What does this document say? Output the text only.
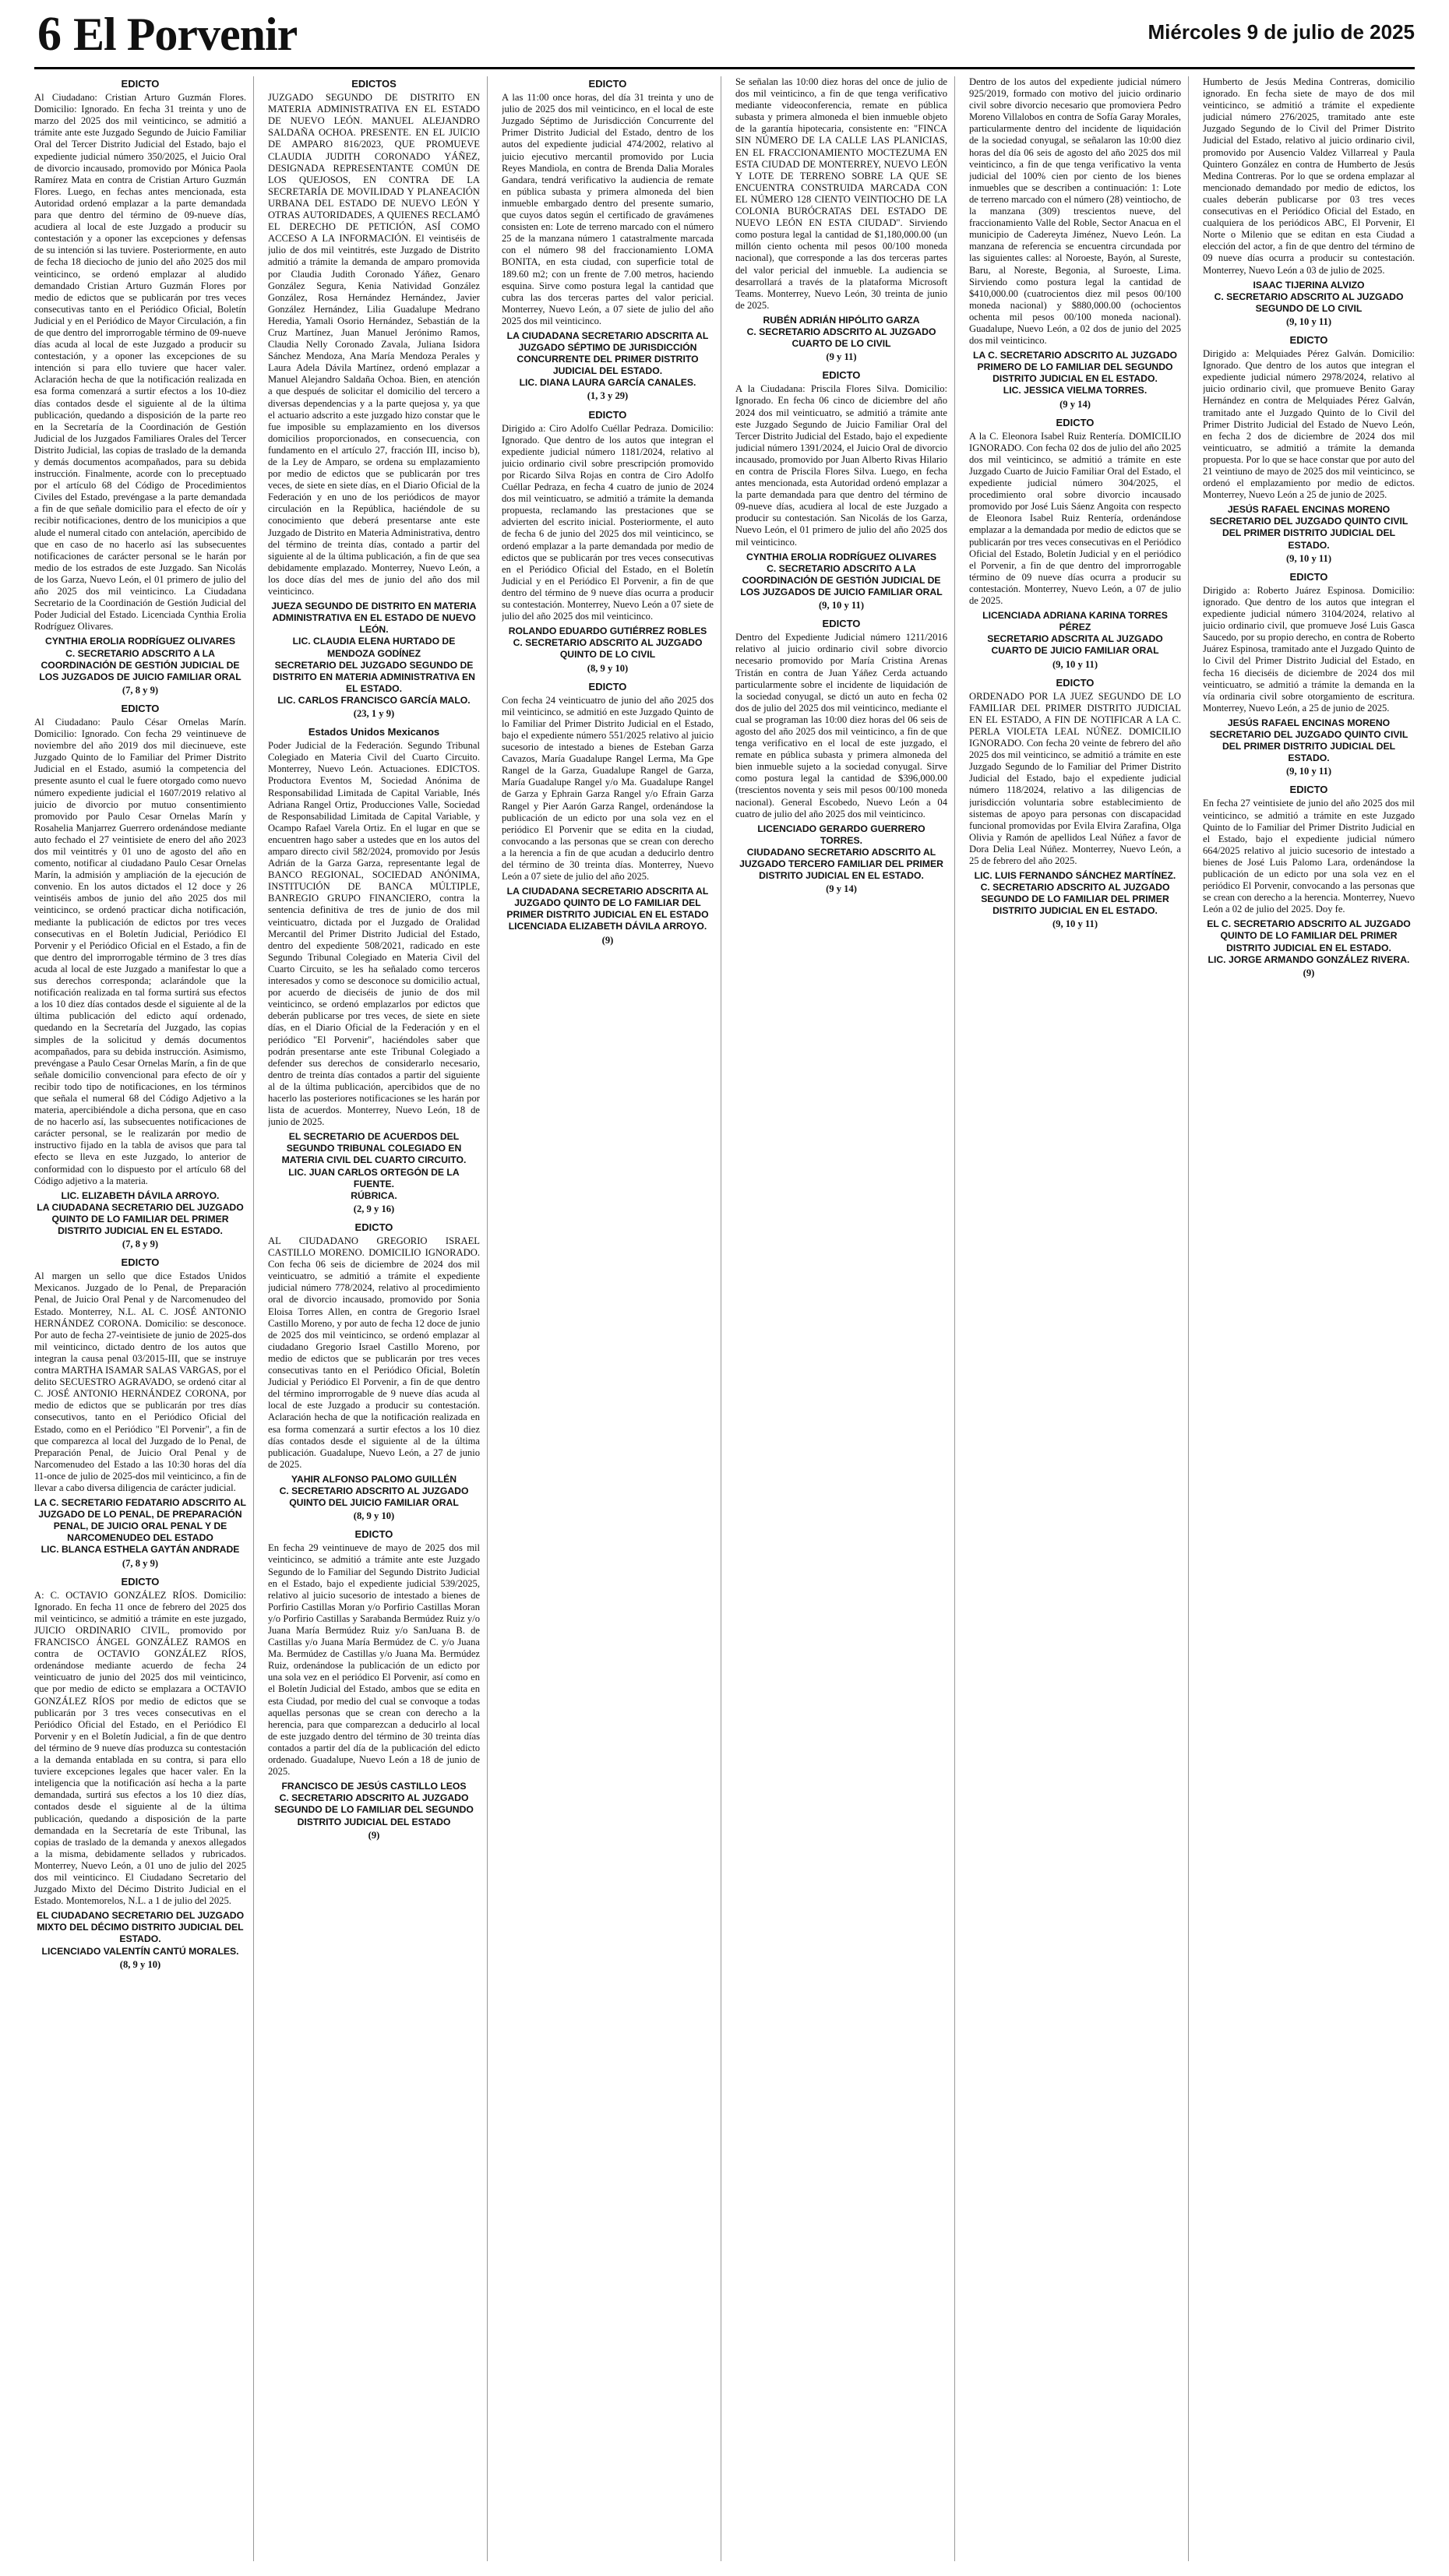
6 El Porvenir	Miércoles 9 de julio de 2025
EDICTO

Al Ciudadano: Cristian Arturo Guzmán Flores. Domicilio: Ignorado. En fecha 31 treinta y uno de marzo del 2025 dos mil veinticinco, se admitió a trámite ante este Juzgado Segundo de Juicio Familiar Oral del Tercer Distrito Judicial del Estado, bajo el expediente judicial número 350/2025, el Juicio Oral de divorcio incausado, promovido por Mónica Paola Ramírez Mata en contra de Cristian Arturo Guzmán Flores. Luego, en fechas antes mencionada, esta Autoridad ordenó emplazar a la parte demandada para que dentro del término de 09-nueve días, acudiera al local de este Juzgado a producir su contestación y a oponer las excepciones y defensas de su intención si las tuviere. Posteriormente, en auto de fecha 18 dieciocho de junio del año 2025 dos mil veinticinco, se ordenó emplazar al aludido demandado Cristian Arturo Guzmán Flores por medio de edictos que se publicarán por tres veces consecutivas tanto en el Periódico Oficial, Boletín Judicial y en el Periódico de Mayor Circulación, a fin de que dentro del improrrogable término de 09-nueve días acuda al local de este Juzgado a producir su contestación, y a oponer las excepciones de su intención si para ello tuviere que hacer valer. Aclaración hecha de que la notificación realizada en esa forma comenzará a surtir efectos a los 10-diez días contados desde el siguiente al de la última publicación, quedando a disposición de la parte reo en la Secretaría de la Coordinación de Gestión Judicial de los Juzgados Familiares Orales del Tercer Distrito Judicial, las copias de traslado de la demanda y demás documentos acompañados, para su debida instrucción. Finalmente, acorde con lo preceptuado por el artículo 68 del Código de Procedimientos Civiles del Estado, prevéngase a la parte demandada a fin de que señale domicilio para el efecto de oír y recibir notificaciones, dentro de los municipios a que alude el numeral citado con antelación, apercibido de que en caso de no hacerlo así las subsecuentes notificaciones de carácter personal se le harán por medio de los estrados de este Juzgado. San Nicolás de los Garza, Nuevo León, el 01 primero de julio del año 2025 dos mil veinticinco. La Ciudadana Secretario de la Coordinación de Gestión Judicial del Poder Judicial del Estado. Licenciada Cynthia Erolia Rodríguez Olivares.

CYNTHIA EROLIA RODRÍGUEZ OLIVARES
C. SECRETARIO ADSCRITO A LA COORDINACIÓN DE GESTIÓN JUDICIAL DE LOS JUZGADOS DE JUICIO FAMILIAR ORAL
(7, 8 y 9)
EDICTO

Al Ciudadano: Paulo César Ornelas Marín. Domicilio: Ignorado. Con fecha 29 veintinueve de noviembre del año 2019 dos mil diecinueve, este Juzgado Quinto de lo Familiar del Primer Distrito Judicial en el Estado, asumió la competencia del presente asunto el cual le fuere otorgado como nuevo número expediente judicial el 1607/2019 relativo al juicio de divorcio por mutuo consentimiento promovido por Paulo Cesar Ornelas Marín y Rosahelia Manjarrez Guerrero ordenándose mediante auto fechado el 27 veintisiete de enero del año 2023 dos mil veintitrés y 01 uno de agosto del año en comento, notificar al ciudadano Paulo Cesar Ornelas Marín, la admisión y ampliación de la ejecución de convenio. En los autos dictados el 12 doce y 26 veintiséis ambos de junio del año 2025 dos mil veinticinco, se ordenó practicar dicha notificación, mediante la publicación de edictos por tres veces consecutivas en el Boletín Judicial, Periódico El Porvenir y el Periódico Oficial en el Estado, a fin de que dentro del improrrogable término de 3 tres días acuda al local de este Juzgado a manifestar lo que a sus derechos corresponda; aclarándole que la notificación realizada en tal forma surtirá sus efectos a los 10 diez días contados desde el siguiente al de la última publicación del edicto aquí ordenado, quedando en la Secretaría del Juzgado, las copias simples de la solicitud y demás documentos acompañados, para su debida instrucción. Asimismo, prevéngase a Paulo Cesar Ornelas Marín, a fin de que señale domicilio convencional para efecto de oír y recibir todo tipo de notificaciones, en los términos que señala el numeral 68 del Código Adjetivo a la materia, apercibiéndole a dicha persona, que en caso de no hacerlo así, las subsecuentes notificaciones de carácter personal, se le realizarán por medio de instructivo fijado en la tabla de avisos que para tal efecto se lleva en este Juzgado, lo anterior de conformidad con lo dispuesto por el artículo 68 del Código adjetivo a la materia.

LIC. ELIZABETH DÁVILA ARROYO.
LA CIUDADANA SECRETARIO DEL JUZGADO QUINTO DE LO FAMILIAR DEL PRIMER DISTRITO JUDICIAL EN EL ESTADO.
(7, 8 y 9)
EDICTO

Al margen un sello que dice Estados Unidos Mexicanos. Juzgado de lo Penal, de Preparación Penal, de Juicio Oral Penal y de Narcomenudeo del Estado. Monterrey, N.L. AL C. JOSÉ ANTONIO HERNÁNDEZ CORONA. Domicilio: se desconoce. Por auto de fecha 27-veintisiete de junio de 2025-dos mil veinticinco, dictado dentro de los autos que integran la causa penal 03/2015-III, que se instruye contra MARTHA ISAMAR SALAS VARGAS, por el delito SECUESTRO AGRAVADO, se ordenó citar al C. JOSÉ ANTONIO HERNÁNDEZ CORONA, por medio de edictos que se publicarán por tres días consecutivos, tanto en el Periódico Oficial del Estado, como en el Periódico "El Porvenir", a fin de que comparezca al local del Juzgado de lo Penal, de Preparación Penal, de Juicio Oral Penal y de Narcomenudeo del Estado a las 10:30 horas del día 11-once de julio de 2025-dos mil veinticinco, a fin de llevar a cabo diversa diligencia de carácter judicial.

LA C. SECRETARIO FEDATARIO ADSCRITO AL JUZGADO DE LO PENAL, DE PREPARACIÓN PENAL, DE JUICIO ORAL PENAL Y DE NARCOMENUDEO DEL ESTADO
LIC. BLANCA ESTHELA GAYTÁN ANDRADE
(7, 8 y 9)
EDICTO

A: C. OCTAVIO GONZÁLEZ RÍOS. Domicilio: Ignorado. En fecha 11 once de febrero del 2025 dos mil veinticinco, se admitió a trámite en este juzgado, JUICIO ORDINARIO CIVIL, promovido por FRANCISCO ÁNGEL GONZÁLEZ RAMOS en contra de OCTAVIO GONZÁLEZ RÍOS, ordenándose mediante acuerdo de fecha 24 veinticuatro de junio del 2025 dos mil veinticinco, que por medio de edicto se emplazara a OCTAVIO GONZÁLEZ RÍOS por medio de edictos que se publicarán por 3 tres veces consecutivas en el Periódico Oficial del Estado, en el Periódico El Porvenir y en el Boletín Judicial, a fin de que dentro del término de 9 nueve días produzca su contestación a la demanda entablada en su contra, si para ello tuviere excepciones legales que hacer valer. En la inteligencia que la notificación así hecha a la parte demandada, surtirá sus efectos a los 10 diez días, contados desde el siguiente al de la última publicación, quedando a disposición de la parte demandada en la Secretaría de este Tribunal, las copias de traslado de la demanda y anexos allegados a la misma, debidamente sellados y rubricados. Monterrey, Nuevo León, a 01 uno de julio del 2025 dos mil veinticinco. El Ciudadano Secretario del Juzgado Mixto del Décimo Distrito Judicial en el Estado. Montemorelos, N.L. a 1 de julio del 2025.

EL CIUDADANO SECRETARIO DEL JUZGADO MIXTO DEL DÉCIMO DISTRITO JUDICIAL DEL ESTADO.
LICENCIADO VALENTÍN CANTÚ MORALES.
(8, 9 y 10)
EDICTOS

JUZGADO SEGUNDO DE DISTRITO EN MATERIA ADMINISTRATIVA EN EL ESTADO DE NUEVO LEÓN. MANUEL ALEJANDRO SALDAÑA OCHOA. PRESENTE. EN EL JUICIO DE AMPARO 816/2023, QUE PROMUEVE CLAUDIA JUDITH CORONADO YÁÑEZ, DESIGNADA REPRESENTANTE COMÚN DE LOS QUEJOSOS, EN CONTRA DE LA SECRETARÍA DE MOVILIDAD Y PLANEACIÓN URBANA DEL ESTADO DE NUEVO LEÓN Y OTRAS AUTORIDADES, A QUIENES RECLAMÓ EL DERECHO DE PETICIÓN, ASÍ COMO ACCESO A LA INFORMACIÓN. El veintiséis de julio de dos mil veintitrés, este Juzgado de Distrito admitió a trámite la demanda de amparo promovida por Claudia Judith Coronado Yáñez, Genaro González Segura, Kenia Natividad González González, Rosa Hernández Hernández, Javier González Hernández, Lilia Guadalupe Medrano Heredia, Yamali Osorio Hernández, Sebastián de la Cruz Martínez, Juan Manuel Jerónimo Ramos, Claudia Nelly Coronado Zavala, Juliana Isidora Sánchez Mendoza, Ana María Mendoza Perales y Laura Adela Dávila Martínez, ordenó emplazar a Manuel Alejandro Saldaña Ochoa. Bien, en atención a que después de solicitar el domicilio del tercero a diversas dependencias y a la parte quejosa y, ya que el actuario adscrito a este juzgado hizo constar que le fue imposible su emplazamiento en los diversos domicilios proporcionados, en consecuencia, con fundamento en el artículo 27, fracción III, inciso b), de la Ley de Amparo, se ordena su emplazamiento por medio de edictos que se publicarán por tres veces, de siete en siete días, en el Diario Oficial de la Federación y en uno de los periódicos de mayor circulación en la República, haciéndole de su conocimiento que deberá presentarse ante este Juzgado de Distrito en Materia Administrativa, dentro del término de treinta días, contado a partir del siguiente al de la última publicación, a fin de que sea debidamente emplazado. Monterrey, Nuevo León, a los doce días del mes de junio del año dos mil veinticinco.

JUEZA SEGUNDO DE DISTRITO EN MATERIA ADMINISTRATIVA EN EL ESTADO DE NUEVO LEÓN.
LIC. CLAUDIA ELENA HURTADO DE MENDOZA GODÍNEZ
SECRETARIO DEL JUZGADO SEGUNDO DE DISTRITO EN MATERIA ADMINISTRATIVA EN EL ESTADO.
LIC. CARLOS FRANCISCO GARCÍA MALO.
(23, 1 y 9)
Estados Unidos Mexicanos

Poder Judicial de la Federación. Segundo Tribunal Colegiado en Materia Civil del Cuarto Circuito. Monterrey, Nuevo León. Actuaciones. EDICTOS. Productora Eventos M, Sociedad Anónima de Responsabilidad Limitada de Capital Variable, Inés Adriana Rangel Ortiz, Producciones Valle, Sociedad de Responsabilidad Limitada de Capital Variable, y Ocampo Rafael Varela Ortiz. En el lugar en que se encuentren hago saber a ustedes que en los autos del amparo directo civil 582/2024, promovido por Jesús Adrián de la Garza Garza, representante legal de BANCO REGIONAL, SOCIEDAD ANÓNIMA, INSTITUCIÓN DE BANCA MÚLTIPLE, BANREGIO GRUPO FINANCIERO, contra la sentencia definitiva de tres de junio de dos mil veinticuatro, dictada por el Juzgado de Oralidad Mercantil del Primer Distrito Judicial del Estado, dentro del expediente 508/2021, radicado en este Segundo Tribunal Colegiado en Materia Civil del Cuarto Circuito, se les ha señalado como terceros interesados y como se desconoce su domicilio actual, por acuerdo de dieciséis de junio de dos mil veinticinco, se ordenó emplazarlos por edictos que deberán publicarse por tres veces, de siete en siete días, en el Diario Oficial de la Federación y en el periódico "El Porvenir", haciéndoles saber que podrán presentarse ante este Tribunal Colegiado a defender sus derechos de considerarlo necesario, dentro de treinta días contados a partir del siguiente al de la última publicación, apercibidos que de no hacerlo las posteriores notificaciones se les harán por lista de acuerdos. Monterrey, Nuevo León, 18 de junio de 2025.

EL SECRETARIO DE ACUERDOS DEL SEGUNDO TRIBUNAL COLEGIADO EN MATERIA CIVIL DEL CUARTO CIRCUITO.
LIC. JUAN CARLOS ORTEGÓN DE LA FUENTE.
RÚBRICA.
(2, 9 y 16)
EDICTO

AL CIUDADANO GREGORIO ISRAEL CASTILLO MORENO. DOMICILIO IGNORADO. Con fecha 06 seis de diciembre de 2024 dos mil veinticuatro, se admitió a trámite el expediente judicial número 778/2024, relativo al procedimiento oral de divorcio incausado, promovido por Sonia Eloisa Torres Allen, en contra de Gregorio Israel Castillo Moreno, y por auto de fecha 12 doce de junio de 2025 dos mil veinticinco, se ordenó emplazar al ciudadano Gregorio Israel Castillo Moreno, por medio de edictos que se publicarán por tres veces consecutivas tanto en el Periódico Oficial, Boletín Judicial y Periódico El Porvenir, a fin de que dentro del término improrrogable de 9 nueve días acuda al local de este Juzgado a producir su contestación. Aclaración hecha de que la notificación realizada en esa forma comenzará a surtir efectos a los 10 diez días contados desde el siguiente al de la última publicación. Guadalupe, Nuevo León, a 27 de junio de 2025.

YAHIR ALFONSO PALOMO GUILLÉN
C. SECRETARIO ADSCRITO AL JUZGADO QUINTO DEL JUICIO FAMILIAR ORAL
(8, 9 y 10)
EDICTO

En fecha 29 veintinueve de mayo de 2025 dos mil veinticinco, se admitió a trámite ante este Juzgado Segundo de lo Familiar del Segundo Distrito Judicial en el Estado, bajo el expediente judicial 539/2025, relativo al juicio sucesorio de intestado a bienes de Porfirio Castillas Moran y/o Porfirio Castillas Moran y/o Porfirio Castillas y Sarabanda Bermúdez Ruiz y/o Juana María Bermúdez Ruiz y/o SanJuana B. de Castillas y/o Juana María Bermúdez de C. y/o Juana Ma. Bermúdez de Castillas y/o Juana Ma. Bermúdez Ruiz, ordenándose la publicación de un edicto por una sola vez en el periódico El Porvenir, así como en el Boletín Judicial del Estado, ambos que se edita en esta Ciudad, por medio del cual se convoque a todas aquellas personas que se crean con derecho a la herencia, para que comparezcan a deducirlo al local de este juzgado dentro del término de 30 treinta días contados a partir del día de la publicación del edicto ordenado. Guadalupe, Nuevo León a 18 de junio de 2025.

FRANCISCO DE JESÚS CASTILLO LEOS
C. SECRETARIO ADSCRITO AL JUZGADO SEGUNDO DE LO FAMILIAR DEL SEGUNDO DISTRITO JUDICIAL DEL ESTADO
(9)
EDICTO

A las 11:00 once horas, del día 31 treinta y uno de julio de 2025 dos mil veinticinco, en el local de este Juzgado Séptimo de Jurisdicción Concurrente del Primer Distrito Judicial del Estado, dentro de los autos del expediente judicial 474/2002, relativo al juicio ejecutivo mercantil promovido por Lucia Reyes Mandiola, en contra de Brenda Dalia Morales Gandara, tendrá verificativo la audiencia de remate en pública subasta y primera almoneda del bien inmueble embargado dentro del presente sumario, que cuyos datos según el certificado de gravámenes consisten en: Lote de terreno marcado con el número 25 de la manzana número 1 catastralmente marcada con el número 98 del fraccionamiento LOMA BONITA, en esta ciudad, con superficie total de 189.60 m2; con un frente de 7.00 metros, haciendo esquina. Sirve como postura legal la cantidad que cubra las dos terceras partes del valor pericial. Monterrey, Nuevo León, a 07 siete de julio del año 2025 dos mil veinticinco.

LA CIUDADANA SECRETARIO ADSCRITA AL JUZGADO SÉPTIMO DE JURISDICCIÓN CONCURRENTE DEL PRIMER DISTRITO JUDICIAL DEL ESTADO.
LIC. DIANA LAURA GARCÍA CANALES.
(1, 3 y 29)
EDICTO

Dirigido a: Ciro Adolfo Cuéllar Pedraza. Domicilio: Ignorado. Que dentro de los autos que integran el expediente judicial número 1181/2024, relativo al juicio ordinario civil sobre prescripción promovido por Ricardo Silva Rojas en contra de Ciro Adolfo Cuéllar Pedraza, en fecha 4 cuatro de junio de 2024 dos mil veinticuatro, se admitió a trámite la demanda propuesta, reclamando las prestaciones que se advierten del escrito inicial. Posteriormente, el auto de fecha 6 de junio del 2025 dos mil veinticinco, se ordenó emplazar a la parte demandada por medio de edictos que se publicarán por tres veces consecutivas en el Periódico Oficial del Estado, en el Boletín Judicial y en el Periódico El Porvenir, a fin de que dentro del término de 9 nueve días ocurra a producir su contestación. Monterrey, Nuevo León a 07 siete de julio del año 2025 dos mil veinticinco.

ROLANDO EDUARDO GUTIÉRREZ ROBLES
C. SECRETARIO ADSCRITO AL JUZGADO QUINTO DE LO CIVIL
(8, 9 y 10)
EDICTO

Con fecha 24 veinticuatro de junio del año 2025 dos mil veinticinco, se admitió en este Juzgado Quinto de lo Familiar del Primer Distrito Judicial en el Estado, bajo el expediente número 551/2025 relativo al juicio sucesorio de intestado a bienes de Esteban Garza Cavazos, María Guadalupe Rangel Lerma, Ma Gpe Rangel de la Garza, Guadalupe Rangel de Garza, María Guadalupe Rangel y/o Ma. Guadalupe Rangel de Garza y Ephrain Garza Rangel y/o Efrain Garza Rangel y Pier Aarón Garza Rangel, ordenándose la publicación de un edicto por una sola vez en el periódico El Porvenir que se edita en la ciudad, convocando a las personas que se crean con derecho a la herencia a fin de que acudan a deducirlo dentro del término de 30 treinta días. Monterrey, Nuevo León a 07 siete de julio del año 2025.

LA CIUDADANA SECRETARIO ADSCRITA AL JUZGADO QUINTO DE LO FAMILIAR DEL PRIMER DISTRITO JUDICIAL EN EL ESTADO
LICENCIADA ELIZABETH DÁVILA ARROYO.
(9)

Se señalan las 10:00 diez horas del once de julio de dos mil veinticinco, a fin de que tenga verificativo mediante videoconferencia, remate en pública subasta y primera almoneda el bien inmueble objeto de la garantía hipotecaria, consistente en: "FINCA SIN NÚMERO DE LA CALLE LAS PLANICIAS, EN EL FRACCIONAMIENTO MOCTEZUMA EN ESTA CIUDAD DE MONTERREY, NUEVO LEÓN Y LOTE DE TERRENO SOBRE LA QUE SE ENCUENTRA CONSTRUIDA MARCADA CON EL NÚMERO 128 CIENTO VEINTIOCHO DE LA COLONIA BURÓCRATAS DEL ESTADO DE NUEVO LEÓN EN ESTA CIUDAD". Sirviendo como postura legal la cantidad de $1,180,000.00 (un millón ciento ochenta mil pesos 00/100 moneda nacional), que corresponde a las dos terceras partes del valor pericial del inmueble. La audiencia se desarrollará a través de la plataforma Microsoft Teams. Monterrey, Nuevo León, 30 treinta de junio de 2025.

RUBÉN ADRIÁN HIPÓLITO GARZA
C. SECRETARIO ADSCRITO AL JUZGADO CUARTO DE LO CIVIL
(9 y 11)
EDICTO

A la Ciudadana: Priscila Flores Silva. Domicilio: Ignorado. En fecha 06 cinco de diciembre del año 2024 dos mil veinticuatro, se admitió a trámite ante este Juzgado Segundo de Juicio Familiar Oral del Tercer Distrito Judicial del Estado, bajo el expediente judicial número 1391/2024, el Juicio Oral de divorcio incausado, promovido por Juan Alberto Rivas Hilario en contra de Priscila Flores Silva. Luego, en fecha antes mencionada, esta Autoridad ordenó emplazar a la parte demandada para que dentro del término de 09-nueve días, acudiera al local de este Juzgado a producir su contestación. San Nicolás de los Garza, Nuevo León, el 01 primero de julio del año 2025 dos mil veinticinco.

CYNTHIA EROLIA RODRÍGUEZ OLIVARES
C. SECRETARIO ADSCRITO A LA COORDINACIÓN DE GESTIÓN JUDICIAL DE LOS JUZGADOS DE JUICIO FAMILIAR ORAL
(9, 10 y 11)
EDICTO

Dentro del Expediente Judicial número 1211/2016 relativo al juicio ordinario civil sobre divorcio necesario promovido por María Cristina Arenas Tristán en contra de Juan Yáñez Cerda actuando particularmente sobre el incidente de liquidación de la sociedad conyugal, se dictó un auto en fecha 02 dos de julio del 2025 dos mil veinticinco, mediante el cual se programan las 10:00 diez horas del 06 seis de agosto del año 2025 dos mil veinticinco, a fin de que tenga verificativo en el local de este juzgado, el remate en pública subasta y primera almoneda del bien inmueble sujeto a la sociedad conyugal. Sirve como postura legal la cantidad de $396,000.00 (trescientos noventa y seis mil pesos 00/100 moneda nacional). General Escobedo, Nuevo León a 04 cuatro de julio del año 2025 dos mil veinticinco.

LICENCIADO GERARDO GUERRERO TORRES.
CIUDADANO SECRETARIO ADSCRITO AL JUZGADO TERCERO FAMILIAR DEL PRIMER DISTRITO JUDICIAL EN EL ESTADO.
(9 y 14)

Dentro de los autos del expediente judicial número 925/2019, formado con motivo del juicio ordinario civil sobre divorcio necesario que promoviera Pedro Moreno Villalobos en contra de Sofía Garay Morales, particularmente dentro del incidente de liquidación de la sociedad conyugal, se señalaron las 10:00 diez horas del día 06 seis de agosto del año 2025 dos mil veinticinco, a fin de que tenga verificativo la venta judicial del 100% cien por ciento de los bienes inmuebles que se describen a continuación: 1: Lote de terreno marcado con el número (28) veintiocho, de la manzana (309) trescientos nueve, del fraccionamiento Valle del Roble, Sector Anacua en el municipio de Cadereyta Jiménez, Nuevo León. La manzana de referencia se encuentra circundada por las siguientes calles: al Noroeste, Bayón, al Sureste, Baru, al Noreste, Begonia, al Suroeste, Lima. Sirviendo como postura legal la cantidad de $410,000.00 (cuatrocientos diez mil pesos 00/100 moneda nacional) y $880,000.00 (ochocientos ochenta mil pesos 00/100 moneda nacional). Guadalupe, Nuevo León, a 02 dos de junio del 2025 dos mil veinticinco.

LA C. SECRETARIO ADSCRITO AL JUZGADO PRIMERO DE LO FAMILIAR DEL SEGUNDO DISTRITO JUDICIAL EN EL ESTADO.
LIC. JESSICA VIELMA TORRES.
(9 y 14)
EDICTO

A la C. Eleonora Isabel Ruiz Rentería. DOMICILIO IGNORADO. Con fecha 02 dos de julio del año 2025 dos mil veinticinco, se admitió a trámite en este Juzgado Cuarto de Juicio Familiar Oral del Estado, el expediente judicial número 304/2025, el procedimiento oral sobre divorcio incausado promovido por José Luis Sáenz Angoita con respecto de Eleonora Isabel Ruiz Rentería, ordenándose emplazar a la demandada por medio de edictos que se publicarán por tres veces consecutivas en el Periódico Oficial del Estado, Boletín Judicial y en el periódico el Porvenir, a fin de que dentro del improrrogable término de 09 nueve días ocurra a producir su contestación. Monterrey, Nuevo León, a 07 de julio de 2025.

LICENCIADA ADRIANA KARINA TORRES PÉREZ
SECRETARIO ADSCRITA AL JUZGADO CUARTO DE JUICIO FAMILIAR ORAL
(9, 10 y 11)
EDICTO

ORDENADO POR LA JUEZ SEGUNDO DE LO FAMILIAR DEL PRIMER DISTRITO JUDICIAL EN EL ESTADO, A FIN DE NOTIFICAR A LA C. PERLA VIOLETA LEAL NÚÑEZ. DOMICILIO IGNORADO. Con fecha 20 veinte de febrero del año 2025 dos mil veinticinco, se admitió a trámite en este Juzgado Segundo de lo Familiar del Primer Distrito Judicial del Estado, bajo el expediente judicial número 118/2024, relativo a las diligencias de jurisdicción voluntaria sobre establecimiento de sistemas de apoyo para personas con discapacidad funcional promovidas por Evila Elvira Zarafina, Olga Olivia y Ramón de apellidos Leal Núñez a favor de Dora Delia Leal Núñez. Monterrey, Nuevo León, a 25 de febrero del año 2025.

LIC. LUIS FERNANDO SÁNCHEZ MARTÍNEZ.
C. SECRETARIO ADSCRITO AL JUZGADO SEGUNDO DE LO FAMILIAR DEL PRIMER DISTRITO JUDICIAL EN EL ESTADO.
(9, 10 y 11)

Humberto de Jesús Medina Contreras, domicilio ignorado. En fecha siete de mayo de dos mil veinticinco, se admitió a trámite el expediente judicial número 276/2025, tramitado ante este Juzgado Segundo de lo Civil del Primer Distrito Judicial del Estado, relativo al juicio ordinario civil, promovido por Ausencio Valdez Villarreal y Paula Quintero González en contra de Humberto de Jesús Medina Contreras. Por lo que se ordena emplazar al mencionado demandado por medio de edictos, los cuales deberán publicarse por 03 tres veces consecutivas en el Periódico Oficial del Estado, en cualquiera de los periódicos ABC, El Porvenir, El Norte o Milenio que se editan en esta Ciudad a elección del actor, a fin de que dentro del término de 09 nueve días ocurra a producir su contestación. Monterrey, Nuevo León a 03 de julio de 2025.

ISAAC TIJERINA ALVIZO
C. SECRETARIO ADSCRITO AL JUZGADO SEGUNDO DE LO CIVIL
(9, 10 y 11)
EDICTO

Dirigido a: Melquiades Pérez Galván. Domicilio: Ignorado. Que dentro de los autos que integran el expediente judicial número 2978/2024, relativo al juicio ordinario civil, que promueve Benito Garay Hernández en contra de Melquiades Pérez Galván, tramitado ante el Juzgado Quinto de lo Civil del Primer Distrito Judicial del Estado de Nuevo León, en fecha 2 dos de diciembre de 2024 dos mil veinticuatro, se admitió a trámite la demanda propuesta. Por lo que se hace constar que por auto del 21 veintiuno de mayo de 2025 dos mil veinticinco, se ordenó el emplazamiento por medio de edictos. Monterrey, Nuevo León a 25 de junio de 2025.

JESÚS RAFAEL ENCINAS MORENO
SECRETARIO DEL JUZGADO QUINTO CIVIL DEL PRIMER DISTRITO JUDICIAL DEL ESTADO.
(9, 10 y 11)
EDICTO

Dirigido a: Roberto Juárez Espinosa. Domicilio: ignorado. Que dentro de los autos que integran el expediente judicial número 3104/2024, relativo al juicio ordinario civil, que promueve José Luis Gasca Saucedo, por su propio derecho, en contra de Roberto Juárez Espinosa, tramitado ante el Juzgado Quinto de lo Civil del Primer Distrito Judicial del Estado, en fecha 16 dieciséis de diciembre de 2024 dos mil veinticuatro, se admitió a trámite la demanda en la vía ordinaria civil sobre otorgamiento de escritura. Monterrey, Nuevo León, a 25 de junio de 2025.

JESÚS RAFAEL ENCINAS MORENO
SECRETARIO DEL JUZGADO QUINTO CIVIL DEL PRIMER DISTRITO JUDICIAL DEL ESTADO.
(9, 10 y 11)
EDICTO

En fecha 27 veintisiete de junio del año 2025 dos mil veinticinco, se admitió a trámite en este Juzgado Quinto de lo Familiar del Primer Distrito Judicial en el Estado, bajo el expediente judicial número 664/2025 relativo al juicio sucesorio de intestado a bienes de José Luis Palomo Lara, ordenándose la publicación de un edicto por una sola vez en el periódico El Porvenir, convocando a las personas que se crean con derecho a la herencia. Monterrey, Nuevo León a 02 de julio del 2025. Doy fe.

EL C. SECRETARIO ADSCRITO AL JUZGADO QUINTO DE LO FAMILIAR DEL PRIMER DISTRITO JUDICIAL EN EL ESTADO.
LIC. JORGE ARMANDO GONZÁLEZ RIVERA.
(9)
